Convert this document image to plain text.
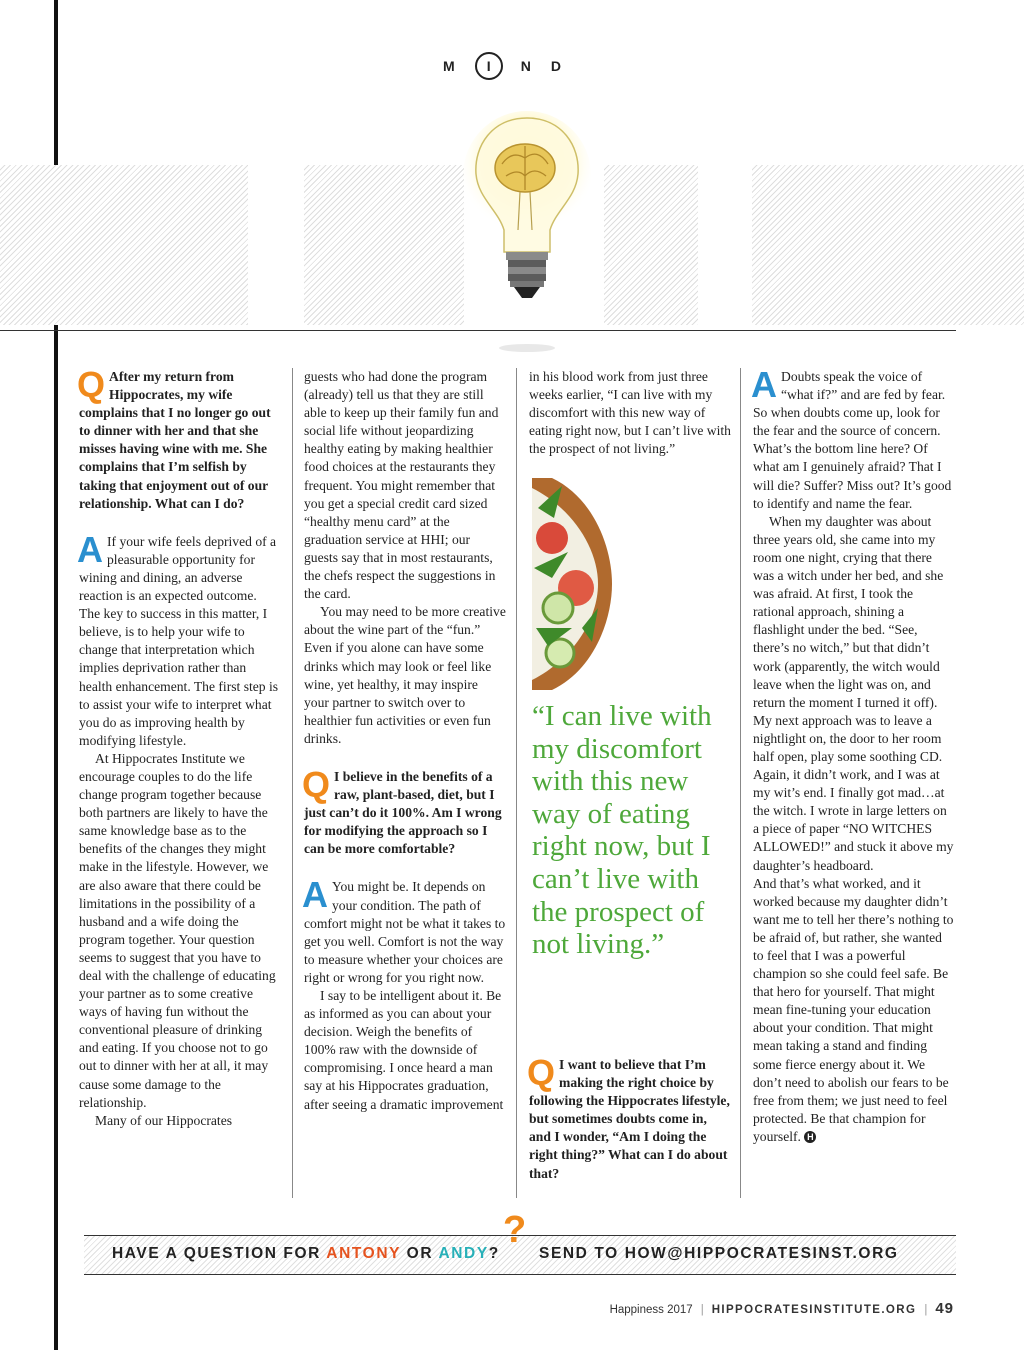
M I ND

Q After my return from Hippocrates, my wife complains that I no longer go out to dinner with her and that she misses having wine with me. She complains that I’m selfish by taking that enjoyment out of our relationship. What can I do?

A If your wife feels deprived of a pleasurable opportunity for wining and dining, an adverse reaction is an expected outcome. The key to success in this matter, I believe, is to help your wife to change that interpretation which implies deprivation rather than health enhancement. The first step is to assist your wife to interpret what you do as improving health by modifying lifestyle.

At Hippocrates Institute we encourage couples to do the life change program together because both partners are likely to have the same knowledge base as to the benefits of the changes they might make in the lifestyle. However, we are also aware that there could be limitations in the possibility of a husband and a wife doing the program together. Your question seems to suggest that you have to deal with the challenge of educating your partner as to some creative ways of having fun without the conventional pleasure of drinking and eating. If you choose not to go out to dinner with her at all, it may cause some damage to the relationship.

Many of our Hippocrates

guests who had done the program (already) tell us that they are still able to keep up their family fun and social life without jeopardizing healthy eating by making healthier food choices at the restaurants they frequent. You might remember that you get a special credit card sized “healthy menu card” at the graduation service at HHI; our guests say that in most restaurants, the chefs respect the suggestions in the card.

You may need to be more creative about the wine part of the “fun.” Even if you alone can have some drinks which may look or feel like wine, yet healthy, it may inspire your partner to switch over to healthier fun activities or even fun drinks.

Q I believe in the benefits of a raw, plant-based, diet, but I just can’t do it 100%. Am I wrong for modifying the approach so I can be more comfortable?

A You might be. It depends on your condition. The path of comfort might not be what it takes to get you well. Comfort is not the way to measure whether your choices are right or wrong for you right now.

I say to be intelligent about it. Be as informed as you can about your decision. Weigh the benefits of 100% raw with the downside of compromising. I once heard a man say at his Hippocrates graduation, after seeing a dramatic improvement

in his blood work from just three weeks earlier, “I can live with my discomfort with this new way of eating right now, but I can’t live with the prospect of not living.”

“I can live with my discomfort with this new way of eating right now, but I can’t live with the prospect of not living.”

Q I want to believe that I’m making the right choice by following the Hippocrates lifestyle, but sometimes doubts come in, and I wonder, “Am I doing the right thing?” What can I do about that?

A Doubts speak the voice of “what if?” and are fed by fear. So when doubts come up, look for the fear and the source of concern. What’s the bottom line here? Of what am I genuinely afraid? That I will die? Suffer? Miss out? It’s good to identify and name the fear.

When my daughter was about three years old, she came into my room one night, crying that there was a witch under her bed, and she was afraid. At first, I took the rational approach, shining a flashlight under the bed. “See, there’s no witch,” but that didn’t work (apparently, the witch would leave when the light was on, and return the moment I turned it off). My next approach was to leave a nightlight on, the door to her room half open, play some soothing CD. Again, it didn’t work, and I was at my wit’s end. I finally got mad…at the witch. I wrote in large letters on a piece of paper “NO WITCHES ALLOWED!” and stuck it above my daughter’s headboard.

And that’s what worked, and it worked because my daughter didn’t want me to tell her there’s nothing to be afraid of, but rather, she wanted to feel that I was a powerful champion so she could feel safe. Be that hero for yourself. That might mean fine-tuning your education about your condition. That might mean taking a stand and finding some fierce energy about it. We don’t need to abolish our fears to be free from them; we just need to feel protected. Be that champion for yourself. H

HAVE A QUESTION FOR ANTONY OR ANDY?
?
SEND TO HOW@HIPPOCRATESINST.ORG
Happiness 2017 | HIPPOCRATESINSTITUTE.ORG | 49
